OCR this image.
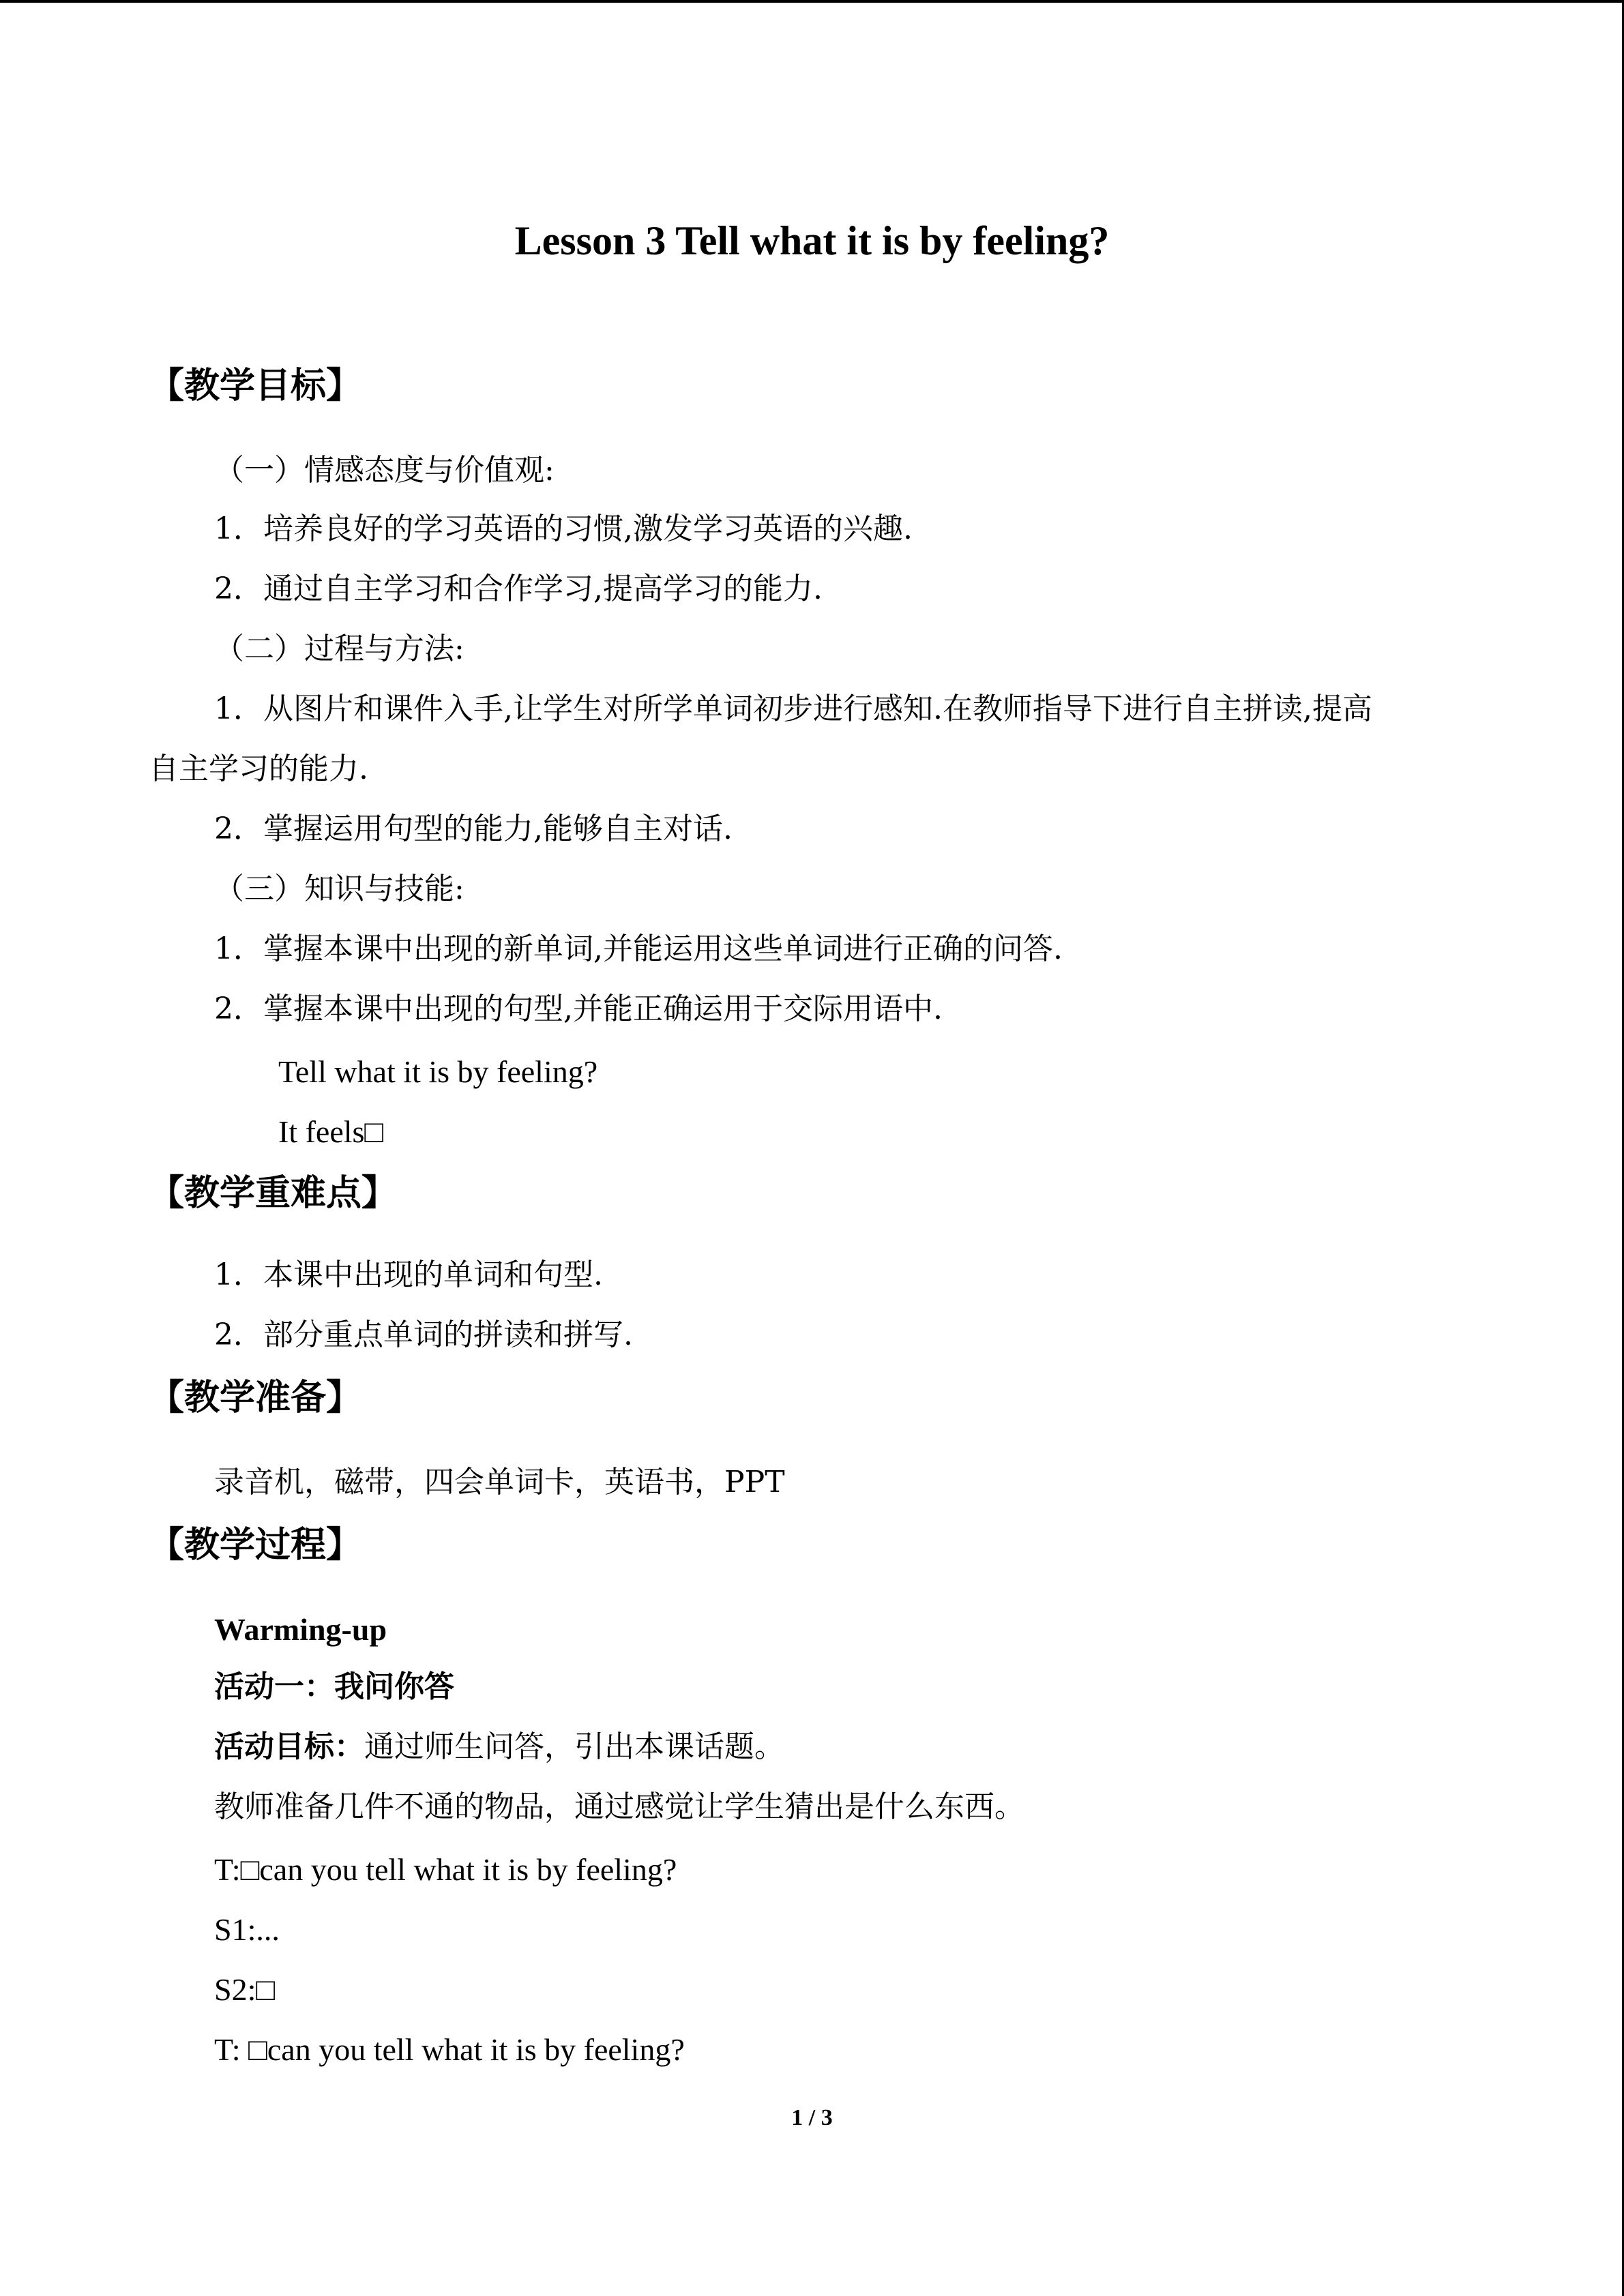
Lesson 3 Tell what it is by feeling?
【教学目标】
（一）情感态度与价值观:
1．培养良好的学习英语的习惯,激发学习英语的兴趣.
2．通过自主学习和合作学习,提高学习的能力.
（二）过程与方法:
1．从图片和课件入手,让学生对所学单词初步进行感知.在教师指导下进行自主拼读,提高
自主学习的能力.
2．掌握运用句型的能力,能够自主对话.
（三）知识与技能:
1．掌握本课中出现的新单词,并能运用这些单词进行正确的问答.
2．掌握本课中出现的句型,并能正确运用于交际用语中.
Tell what it is by feeling?
It feels□
【教学重难点】
1．本课中出现的单词和句型.
2．部分重点单词的拼读和拼写.
【教学准备】
录音机，磁带，四会单词卡，英语书，PPT
【教学过程】
Warming-up
活动一：我问你答
活动目标：通过师生问答，引出本课话题。
教师准备几件不通的物品，通过感觉让学生猜出是什么东西。
T:□can you tell what it is by feeling?
S1:...
S2:□
T: □can you tell what it is by feeling?
1 / 3
